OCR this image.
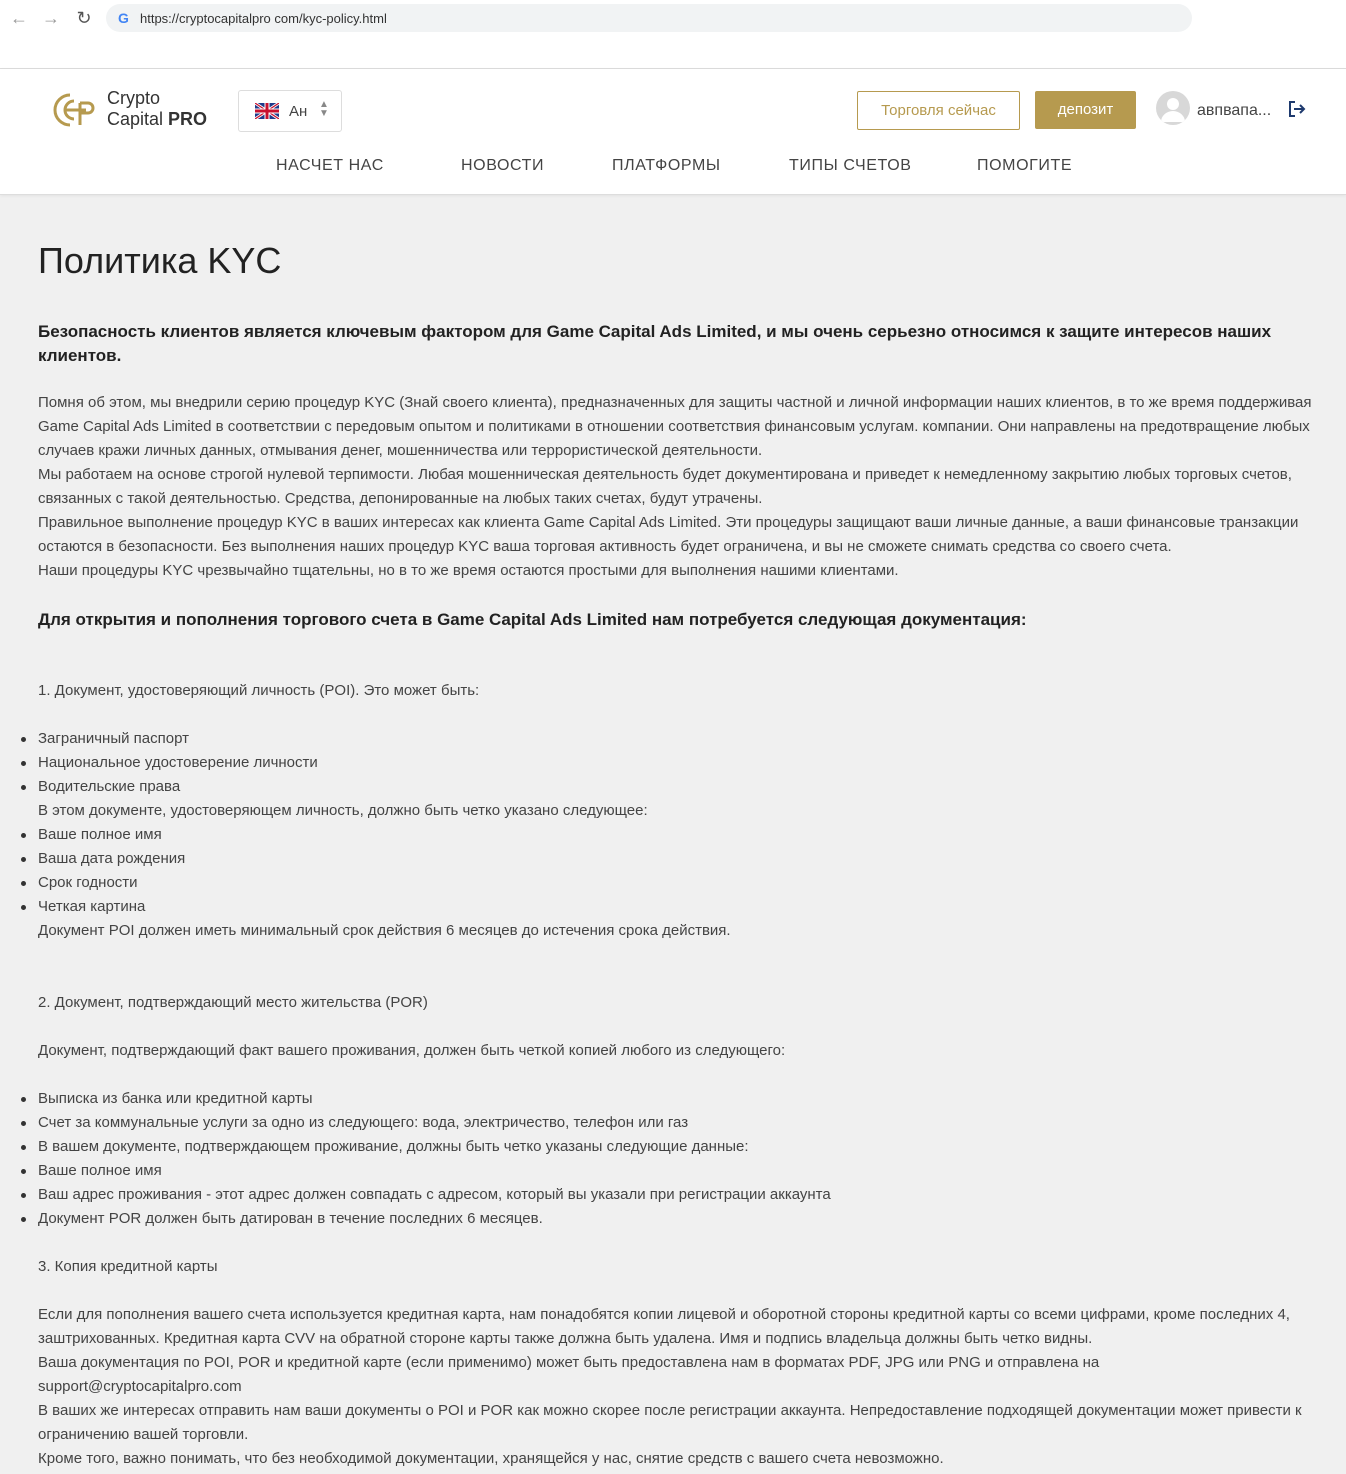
← → ↻ G https://cryptocapitalpro com/kyc-policy.html
Crypto
Capital PRO	Ан ▲
▼	Торговля сейчас	депозит	авпвапа...
НАСЧЕТ НАС	НОВОСТИ	ПЛАТФОРМЫ	ТИПЫ СЧЕТОВ	ПОМОГИТЕ
Политика KYC
Безопасность клиентов является ключевым фактором для Game Capital Ads Limited, и мы очень серьезно относимся к защите интересов наших клиентов.
Помня об этом, мы внедрили серию процедур KYC (Знай своего клиента), предназначенных для защиты частной и личной информации наших клиентов, в то же время поддерживая Game Capital Ads Limited в соответствии с передовым опытом и политиками в отношении соответствия финансовым услугам. компании. Они направлены на предотвращение любых случаев кражи личных данных, отмывания денег, мошенничества или террористической деятельности.
Мы работаем на основе строгой нулевой терпимости. Любая мошенническая деятельность будет документирована и приведет к немедленному закрытию любых торговых счетов, связанных с такой деятельностью. Средства, депонированные на любых таких счетах, будут утрачены.
Правильное выполнение процедур KYC в ваших интересах как клиента Game Capital Ads Limited. Эти процедуры защищают ваши личные данные, а ваши финансовые транзакции остаются в безопасности. Без выполнения наших процедур KYC ваша торговая активность будет ограничена, и вы не сможете снимать средства со своего счета.
Наши процедуры KYC чрезвычайно тщательны, но в то же время остаются простыми для выполнения нашими клиентами.
Для открытия и пополнения торгового счета в Game Capital Ads Limited нам потребуется следующая документация:
1. Документ, удостоверяющий личность (POI). Это может быть:
Заграничный паспорт
Национальное удостоверение личности
Водительские права
В этом документе, удостоверяющем личность, должно быть четко указано следующее:
Ваше полное имя
Ваша дата рождения
Срок годности
Четкая картина
Документ POI должен иметь минимальный срок действия 6 месяцев до истечения срока действия.
2. Документ, подтверждающий место жительства (POR)
Документ, подтверждающий факт вашего проживания, должен быть четкой копией любого из следующего:
Выписка из банка или кредитной карты
Счет за коммунальные услуги за одно из следующего: вода, электричество, телефон или газ
В вашем документе, подтверждающем проживание, должны быть четко указаны следующие данные:
Ваше полное имя
Ваш адрес проживания - этот адрес должен совпадать с адресом, который вы указали при регистрации аккаунта
Документ POR должен быть датирован в течение последних 6 месяцев.
3. Копия кредитной карты
Если для пополнения вашего счета используется кредитная карта, нам понадобятся копии лицевой и оборотной стороны кредитной карты со всеми цифрами, кроме последних 4, заштрихованных. Кредитная карта CVV на обратной стороне карты также должна быть удалена. Имя и подпись владельца должны быть четко видны.
Ваша документация по POI, POR и кредитной карте (если применимо) может быть предоставлена нам в форматах PDF, JPG или PNG и отправлена на support@cryptocapitalpro.com
В ваших же интересах отправить нам ваши документы о POI и POR как можно скорее после регистрации аккаунта. Непредоставление подходящей документации может привести к ограничению вашей торговли.
Кроме того, важно понимать, что без необходимой документации, хранящейся у нас, снятие средств с вашего счета невозможно.
